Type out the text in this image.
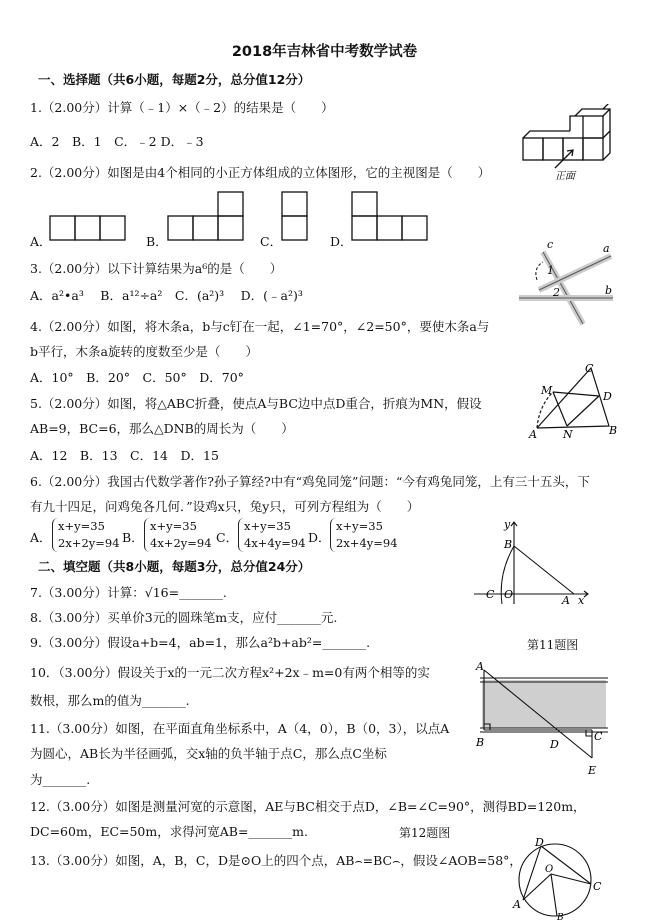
2018年吉林省中考数学试卷
一、选择题（共6小题，每题2分，总分值12分）
1.（2.00分）计算（﹣1）×（﹣2）的结果是（　　）
A．2　B．1　C．﹣2 D．﹣3
正面
2.（2.00分）如图是由4个相同的小正方体组成的立体图形，它的主视图是（　　）
A．	B．	C．	D．	c	a
1
2	b
3.（2.00分）以下计算结果为a⁶的是（　　）
A．a²•a³　 B．a¹²÷a²　C．(a²)³　 D．(﹣a²)³
4.（2.00分）如图，将木条a，b与c钉在一起，∠1=70°，∠2=50°，要使木条a与
b平行，木条a旋转的度数至少是（　　）
A．10°　B．20°　C．50°　D．70°
C
M	D
A N	B
5.（2.00分）如图，将△ABC折叠，使点A与BC边中点D重合，折痕为MN，假设
AB=9，BC=6，那么△DNB的周长为（　　）
A．12　B．13　C．14　D．15
6.（2.00分）我国古代数学著作?孙子算经?中有“鸡兔同笼”问题：“今有鸡兔同笼，上有三十五头，下
有九十四足，问鸡兔各几何．”设鸡x只，兔y只，可列方程组为（　　）
A．
x+y=35
2x+2y=94 B．
x+y=35
4x+2y=94 C．
x+y=35
4x+4y=94 D．
x+y=35
2x+4y=94
y
B
C O	A x
二、填空题（共8小题，每题3分，总分值24分）
7.（3.00分）计算：√16=_______.
8.（3.00分）买单价3元的圆珠笔m支，应付_______元.
9.（3.00分）假设a+b=4，ab=1，那么a²b+ab²=_______.	第11题图
A
B	D
C
E
10．（3.00分）假设关于x的一元二次方程x²+2x﹣m=0有两个相等的实
数根，那么m的值为_______.
11.（3.00分）如图，在平面直角坐标系中，A（4，0），B（0，3），以点A
为圆心，AB长为半径画弧，交x轴的负半轴于点C，那么点C坐标
为_______.
12.（3.00分）如图是测量河宽的示意图，AE与BC相交于点D，∠B=∠C=90°，测得BD=120m，
DC=60m，EC=50m，求得河宽AB=_______m.	第12题图
13.（3.00分）如图，A，B，C，D是⊙O上的四个点，AB⌢=BC⌢，假设∠AOB=58°，
D
O
C
A
B
